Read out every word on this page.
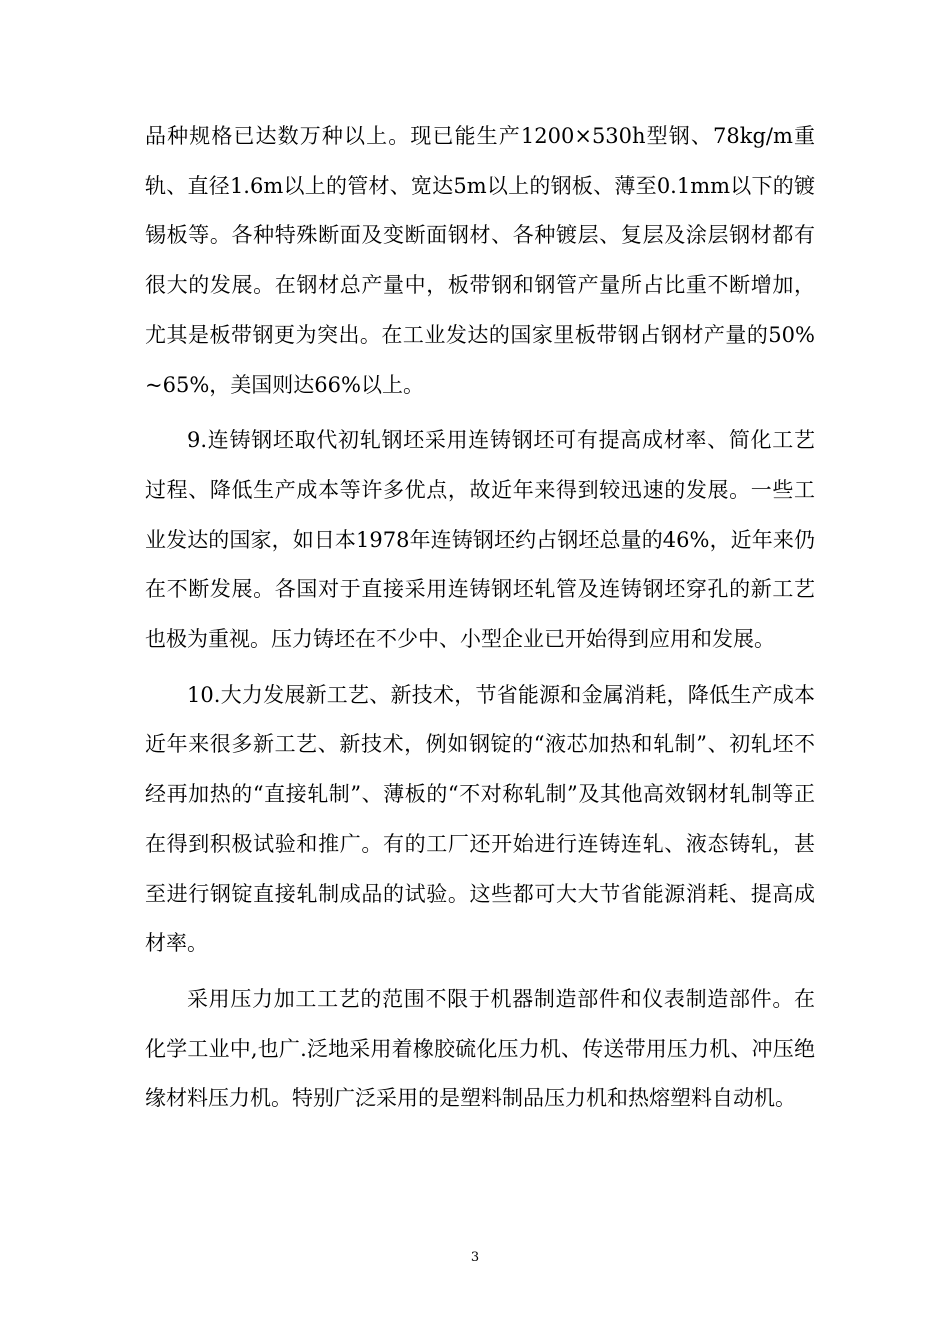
品种规格已达数万种以上。现已能生产1200×530h型钢、78kg/m重轨、直径1.6m以上的管材、宽达5m以上的钢板、薄至0.1mm以下的镀锡板等。各种特殊断面及变断面钢材、各种镀层、复层及涂层钢材都有很大的发展。在钢材总产量中，板带钢和钢管产量所占比重不断增加，尤其是板带钢更为突出。在工业发达的国家里板带钢占钢材产量的50%~65%，美国则达66%以上。

9.连铸钢坯取代初轧钢坯采用连铸钢坯可有提高成材率、简化工艺过程、降低生产成本等许多优点，故近年来得到较迅速的发展。一些工业发达的国家，如日本1978年连铸钢坯约占钢坯总量的46%，近年来仍在不断发展。各国对于直接采用连铸钢坯轧管及连铸钢坯穿孔的新工艺也极为重视。压力铸坯在不少中、小型企业已开始得到应用和发展。

10.大力发展新工艺、新技术，节省能源和金属消耗，降低生产成本近年来很多新工艺、新技术，例如钢锭的“液芯加热和轧制”、初轧坯不经再加热的“直接轧制”、薄板的“不对称轧制”及其他高效钢材轧制等正在得到积极试验和推广。有的工厂还开始进行连铸连轧、液态铸轧，甚至进行钢锭直接轧制成品的试验。这些都可大大节省能源消耗、提高成材率。

采用压力加工工艺的范围不限于机器制造部件和仪表制造部件。在化学工业中,也广.泛地采用着橡胶硫化压力机、传送带用压力机、冲压绝缘材料压力机。特别广泛采用的是塑料制品压力机和热熔塑料自动机。

3
